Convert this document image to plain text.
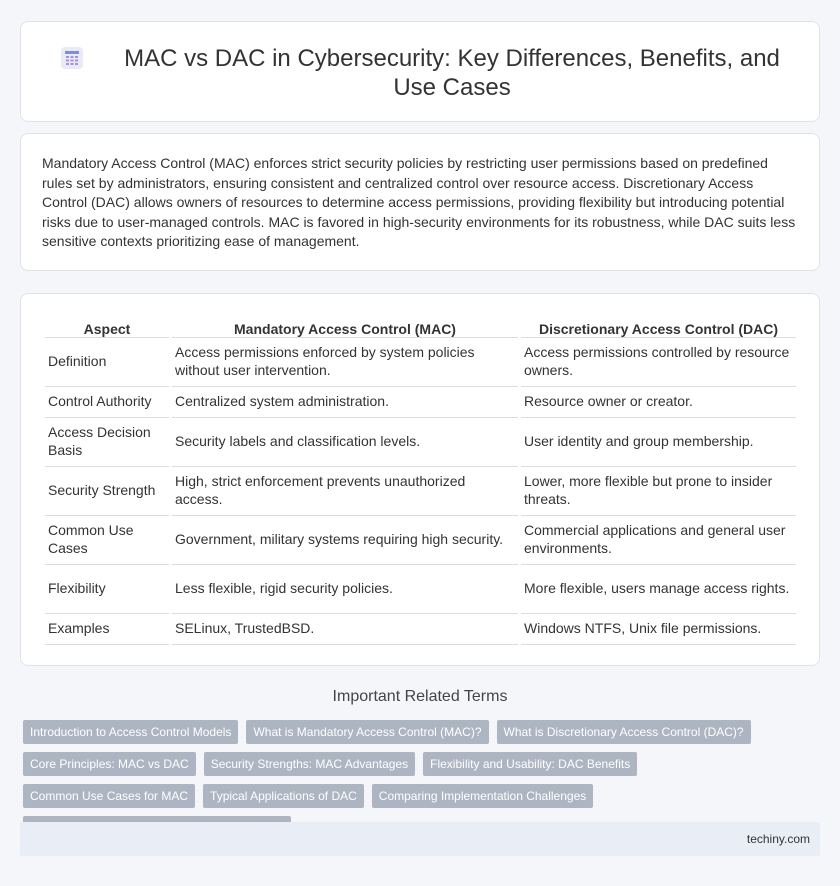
MAC vs DAC in Cybersecurity: Key Differences, Benefits, and Use Cases

Mandatory Access Control (MAC) enforces strict security policies by restricting user permissions based on predefined rules set by administrators, ensuring consistent and centralized control over resource access. Discretionary Access Control (DAC) allows owners of resources to determine access permissions, providing flexibility but introducing potential risks due to user-managed controls. MAC is favored in high-security environments for its robustness, while DAC suits less sensitive contexts prioritizing ease of management.

Aspect	Mandatory Access Control (MAC)	Discretionary Access Control (DAC)
Definition	Access permissions enforced by system policies without user intervention.	Access permissions controlled by resource owners.
Control Authority	Centralized system administration.	Resource owner or creator.
Access Decision Basis	Security labels and classification levels.	User identity and group membership.
Security Strength	High, strict enforcement prevents unauthorized access.	Lower, more flexible but prone to insider threats.
Common Use Cases	Government, military systems requiring high security.	Commercial applications and general user environments.
Flexibility	Less flexible, rigid security policies.	More flexible, users manage access rights.
Examples	SELinux, TrustedBSD.	Windows NTFS, Unix file permissions.
Important Related Terms
Introduction to Access Control Models	What is Mandatory Access Control (MAC)?	What is Discretionary Access Control (DAC)?
Core Principles: MAC vs DAC	Security Strengths: MAC Advantages	Flexibility and Usability: DAC Benefits
Common Use Cases for MAC	Typical Applications of DAC	Comparing Implementation Challenges
techiny.com
